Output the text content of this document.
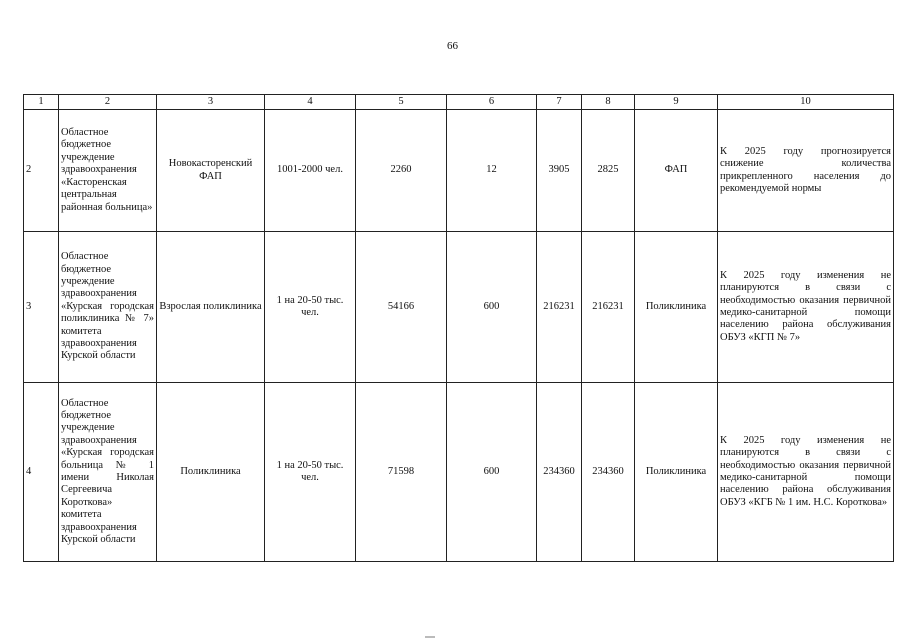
66
1	2	3	4	5	6	7	8	9	10
2	Областное бюджетное учреждение здравоохранения «Касторенская центральная районная больница»	Новокасторенский ФАП	1001-2000 чел.	2260	12	3905	2825	ФАП	К 2025 году прогнозируется снижение количества прикрепленного населения до рекомендуемой нормы
3	Областное бюджетное учреждение здравоохранения «Курская городская поликлиника № 7» комитета здравоохранения Курской области	Взрослая поликлиника	1 на 20-50 тыс. чел.	54166	600	216231	216231	Поликлиника	К 2025 году изменения не планируются в связи с необходимостью оказания первичной медико-санитарной помощи населению района обслуживания ОБУЗ «КГП № 7»
4	Областное бюджетное учреждение здравоохранения «Курская городская больница № 1 имени Николая Сергеевича Короткова» комитета здравоохранения Курской области	Поликлиника	1 на 20-50 тыс. чел.	71598	600	234360	234360	Поликлиника	К 2025 году изменения не планируются в связи с необходимостью оказания первичной медико-санитарной помощи населению района обслуживания ОБУЗ «КГБ № 1 им. Н.С. Короткова»
